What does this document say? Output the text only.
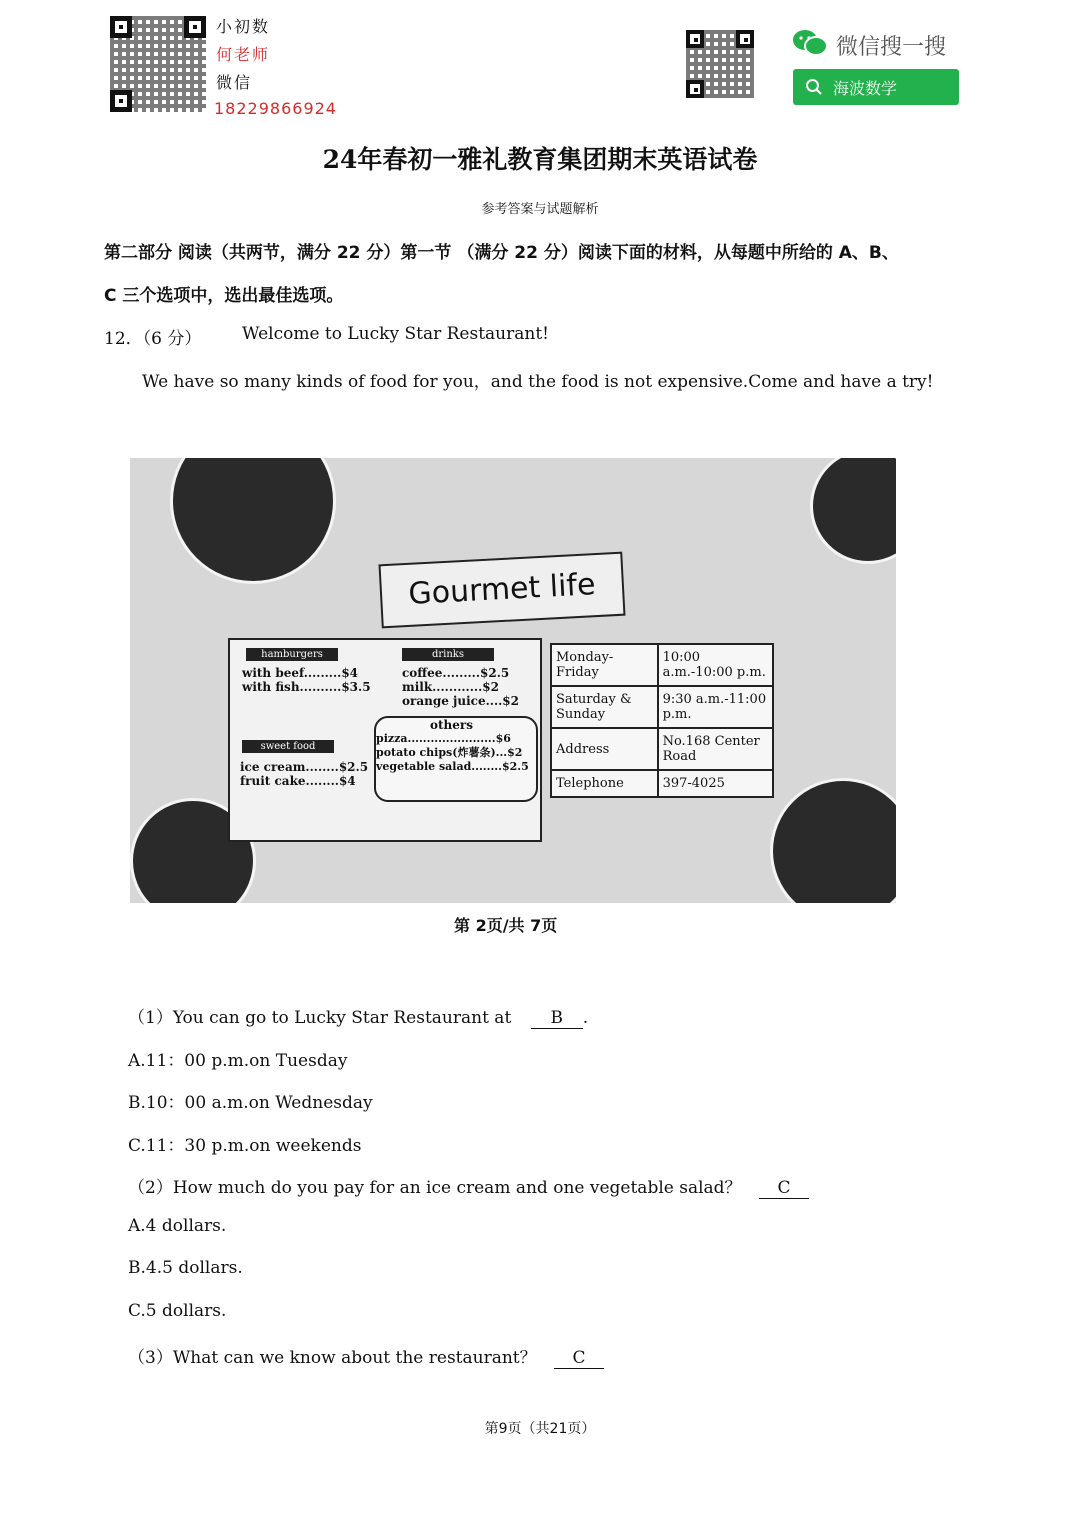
小初数
何老师
微信
18229866924
微信搜一搜
海波数学
24年春初一雅礼教育集团期末英语试卷
参考答案与试题解析
第二部分 阅读（共两节，满分 22 分）第一节 （满分 22 分）阅读下面的材料，从每题中所给的 A、B、
C 三个选项中，选出最佳选项。
12．（6 分） Welcome to Lucky Star Restaurant!
We have so many kinds of food for you，and the food is not expensive.Come and have a try!
Gourmet life
hamburgers
with beef.........$4
with fish..........$3.5
drinks
coffee.........$2.5
milk............$2
orange juice....$2
sweet food
ice cream........$2.5
fruit cake........$4
others
pizza.......................$6
potato chips(炸薯条)...$2
vegetable salad........$2.5
Monday-Friday	10:00 a.m.-10:00 p.m.
Saturday & Sunday	9:30 a.m.-11:00 p.m.
Address	No.168 Center Road
Telephone	397-4025
第 2页/共 7页
（1）You can go to Lucky Star Restaurant at B .
A.11：00 p.m.on Tuesday
B.10：00 a.m.on Wednesday
C.11：30 p.m.on weekends
（2）How much do you pay for an ice cream and one vegetable salad？ C
A.4 dollars.
B.4.5 dollars.
C.5 dollars.
（3）What can we know about the restaurant？ C
第9页（共21页）
